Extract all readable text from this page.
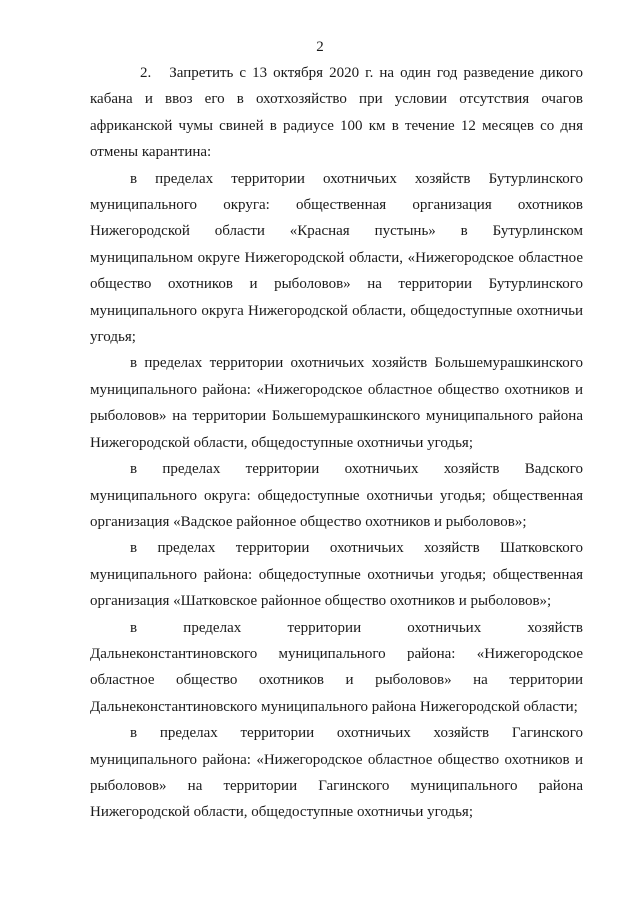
2

2. Запретить с 13 октября 2020 г. на один год разведение дикого кабана и ввоз его в охотхозяйство при условии отсутствия очагов африканской чумы свиней в радиусе 100 км в течение 12 месяцев со дня отмены карантина:

в пределах территории охотничьих хозяйств Бутурлинского муниципального округа: общественная организация охотников Нижегородской области «Красная пустынь» в Бутурлинском муниципальном округе Нижегородской области, «Нижегородское областное общество охотников и рыболовов» на территории Бутурлинского муниципального округа Нижегородской области, общедоступные охотничьи угодья;

в пределах территории охотничьих хозяйств Большемурашкинского муниципального района: «Нижегородское областное общество охотников и рыболовов» на территории Большемурашкинского муниципального района Нижегородской области, общедоступные охотничьи угодья;

в пределах территории охотничьих хозяйств Вадского муниципального округа: общедоступные охотничьи угодья; общественная организация «Вадское районное общество охотников и рыболовов»;

в пределах территории охотничьих хозяйств Шатковского муниципального района: общедоступные охотничьи угодья; общественная организация «Шатковское районное общество охотников и рыболовов»;

в пределах территории охотничьих хозяйств Дальнеконстантиновского муниципального района: «Нижегородское областное общество охотников и рыболовов» на территории Дальнеконстантиновского муниципального района Нижегородской области;

в пределах территории охотничьих хозяйств Гагинского муниципального района: «Нижегородское областное общество охотников и рыболовов» на территории Гагинского муниципального района Нижегородской области, общедоступные охотничьи угодья;
